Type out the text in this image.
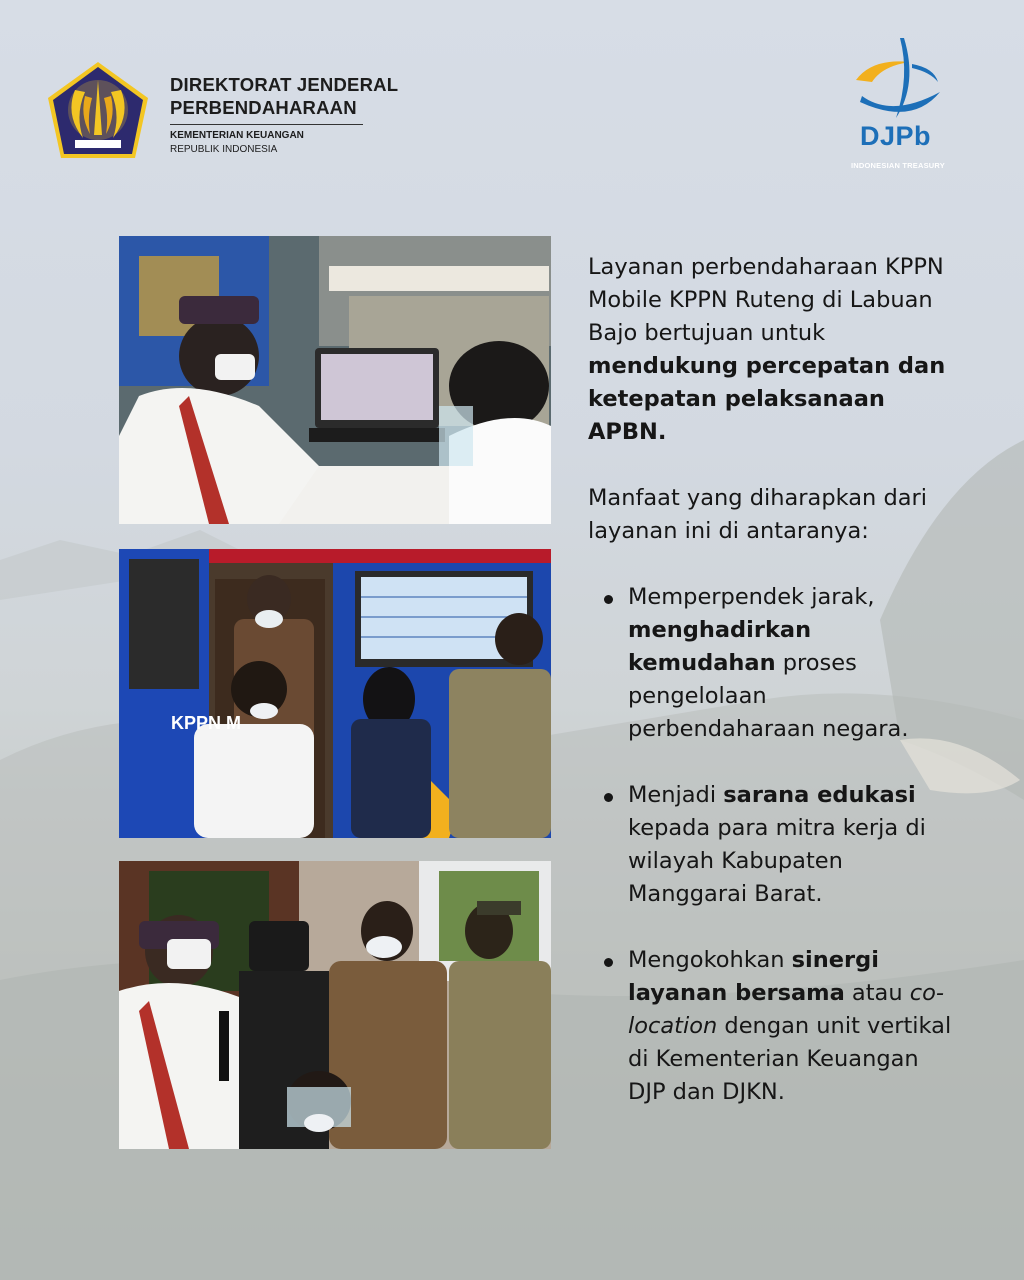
DIREKTORAT JENDERAL
PERBENDAHARAAN
KEMENTERIAN KEUANGAN
REPUBLIK INDONESIA	DJPb
INDONESIAN TREASURY
KPPN M

Layanan perbendaharaan KPPN Mobile KPPN Ruteng di Labuan Bajo bertujuan untuk mendukung percepatan dan ketepatan pelaksanaan APBN.

Manfaat yang diharapkan dari layanan ini di antaranya:

Memperpendek jarak, menghadirkan kemudahan proses pengelolaan perbendaharaan negara.
Menjadi sarana edukasi kepada para mitra kerja di wilayah Kabupaten Manggarai Barat.
Mengokohkan sinergi layanan bersama atau co-location dengan unit vertikal di Kementerian Keuangan DJP dan DJKN.
